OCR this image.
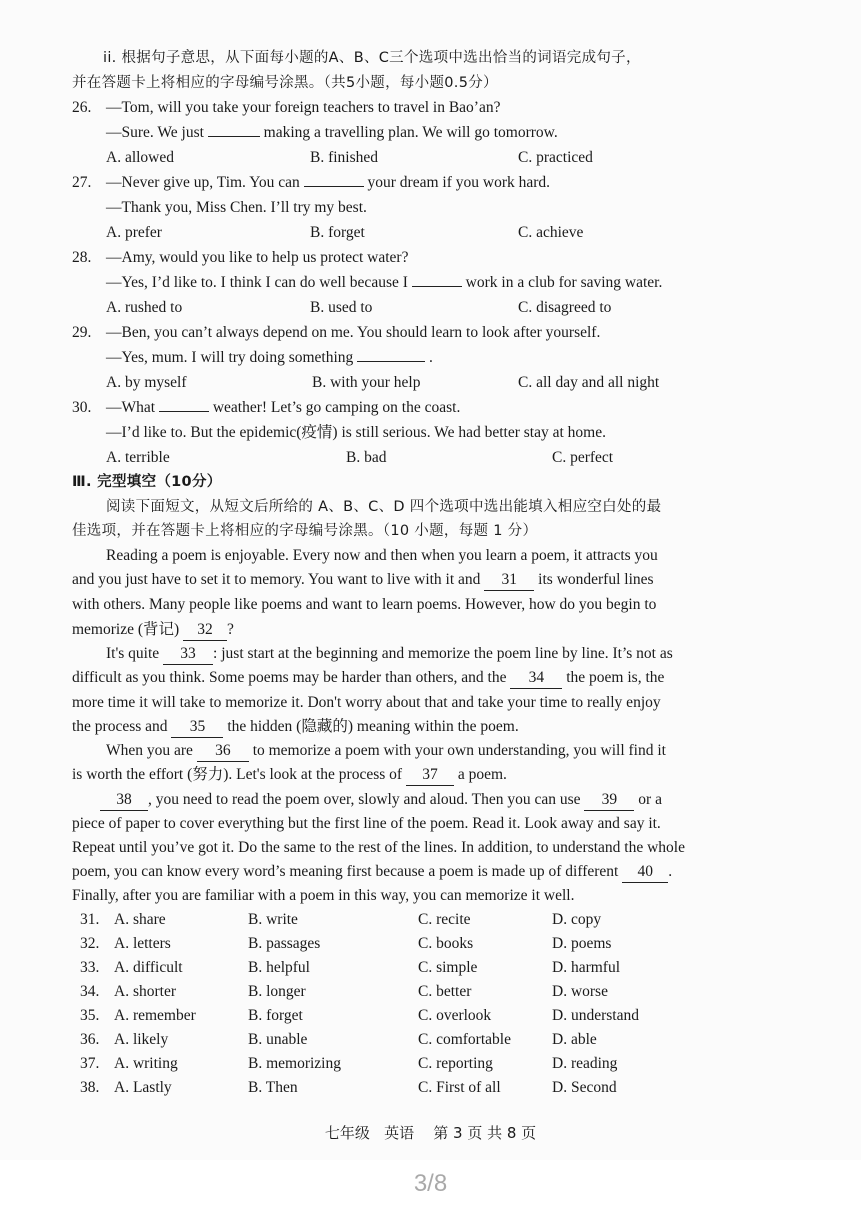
ii. 根据句子意思，从下面每小题的A、B、C三个选项中选出恰当的词语完成句子，
并在答题卡上将相应的字母编号涂黑。（共5小题，每小题0.5分）
26. —Tom, will you take your foreign teachers to travel in Bao’an?
—Sure. We just	making a travelling plan. We will go tomorrow.
A. allowed	B. finished	C. practiced
27. —Never give up, Tim. You can	your dream if you work hard.
—Thank you, Miss Chen. I’ll try my best.
A. prefer	B. forget	C. achieve
28. —Amy, would you like to help us protect water?
—Yes, I’d like to. I think I can do well because I	work in a club for saving water.
A. rushed to	B. used to	C. disagreed to
29. —Ben, you can’t always depend on me. You should learn to look after yourself.
—Yes, mum. I will try doing something	.
A. by myself	B. with your help	C. all day and all night
30. —What	weather! Let’s go camping on the coast.
—I’d like to. But the epidemic(疫情) is still serious. We had better stay at home.
A. terrible	B. bad	C. perfect
Ⅲ. 完型填空（10分）
阅读下面短文，从短文后所给的 A、B、C、D 四个选项中选出能填入相应空白处的最
佳选项，并在答题卡上将相应的字母编号涂黑。（10 小题，每题 1 分）
Reading a poem is enjoyable. Every now and then when you learn a poem, it attracts you
and you just have to set it to memory. You want to live with it and 31 its wonderful lines
with others. Many people like poems and want to learn poems. However, how do you begin to
memorize (背记) 32 ?
It's quite 33 : just start at the beginning and memorize the poem line by line. It’s not as
difficult as you think. Some poems may be harder than others, and the 34 the poem is, the
more time it will take to memorize it. Don't worry about that and take your time to really enjoy
the process and 35 the hidden (隐藏的) meaning within the poem.
When you are 36 to memorize a poem with your own understanding, you will find it
is worth the effort (努力). Let's look at the process of 37 a poem.
38 , you need to read the poem over, slowly and aloud. Then you can use 39 or a
piece of paper to cover everything but the first line of the poem. Read it. Look away and say it.
Repeat until you’ve got it. Do the same to the rest of the lines. In addition, to understand the whole
poem, you can know every word’s meaning first because a poem is made up of different 40 .
Finally, after you are familiar with a poem in this way, you can memorize it well.
31. A. share	B. write	C. recite	D. copy
32. A. letters	B. passages	C. books	D. poems
33. A. difficult	B. helpful	C. simple	D. harmful
34. A. shorter	B. longer	C. better	D. worse
35. A. remember	B. forget	C. overlook	D. understand
36. A. likely	B. unable	C. comfortable	D. able
37. A. writing	B. memorizing	C. reporting	D. reading
38. A. Lastly	B. Then	C. First of all	D. Second
七年级 英语 第 3 页 共 8 页
3/8
